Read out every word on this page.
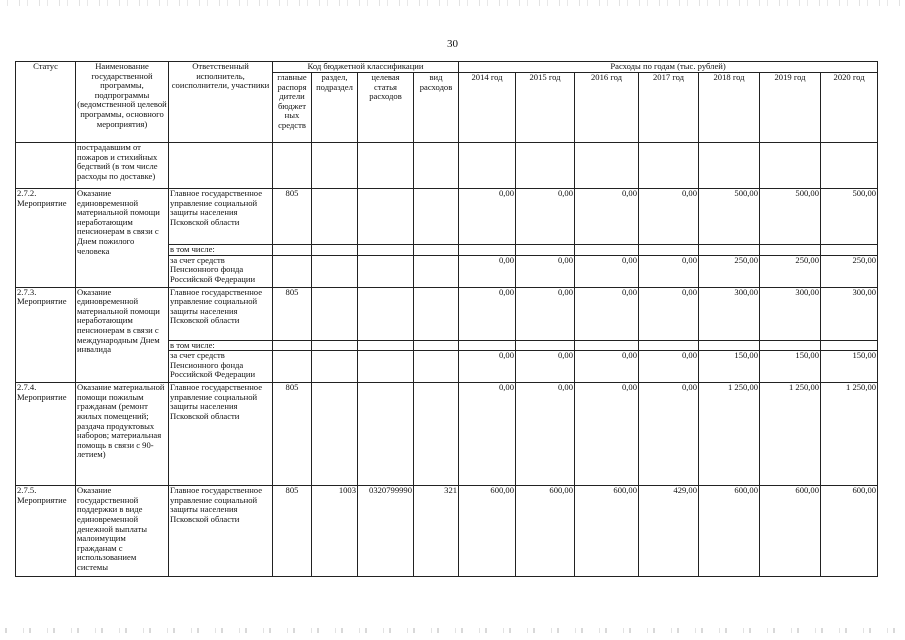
30
Статус	Наименование государственной программы, подпрограммы (ведомственной целевой программы, основного мероприятия)	Ответственный исполнитель, соисполнители, участники	Код бюджетной классификации				Расходы по годам (тыс. рублей)						
			главные распоря дители бюджет ных средств	раздел, подраздел	целевая статья расходов	вид расходов	2014 год	2015 год	2016 год	2017 год	2018 год	2019 год	2020 год
	пострадавшим от пожаров и стихийных бедствий (в том числе расходы по доставке)												
2.7.2. Мероприятие	Оказание единовременной материальной помощи неработающим пенсионерам в связи с Днем пожилого человека	Главное государственное управление социальной защиты населения Псковской области	805				0,00	0,00	0,00	0,00	500,00	500,00	500,00
		в том числе:											
		за счет средств Пенсионного фонда Российской Федерации					0,00	0,00	0,00	0,00	250,00	250,00	250,00
2.7.3. Мероприятие	Оказание единовременной материальной помощи неработающим пенсионерам в связи с международным Днем инвалида	Главное государственное управление социальной защиты населения Псковской области	805				0,00	0,00	0,00	0,00	300,00	300,00	300,00
		в том числе:											
		за счет средств Пенсионного фонда Российской Федерации					0,00	0,00	0,00	0,00	150,00	150,00	150,00
2.7.4. Мероприятие	Оказание материальной помощи пожилым гражданам (ремонт жилых помещений; раздача продуктовых наборов; материальная помощь в связи с 90-летием)	Главное государственное управление социальной защиты населения Псковской области	805				0,00	0,00	0,00	0,00	1 250,00	1 250,00	1 250,00
2.7.5. Мероприятие	Оказание государственной поддержки в виде единовременной денежной выплаты малоимущим гражданам с использованием системы	Главное государственное управление социальной защиты населения Псковской области	805	1003	0320799990	321	600,00	600,00	600,00	429,00	600,00	600,00	600,00
